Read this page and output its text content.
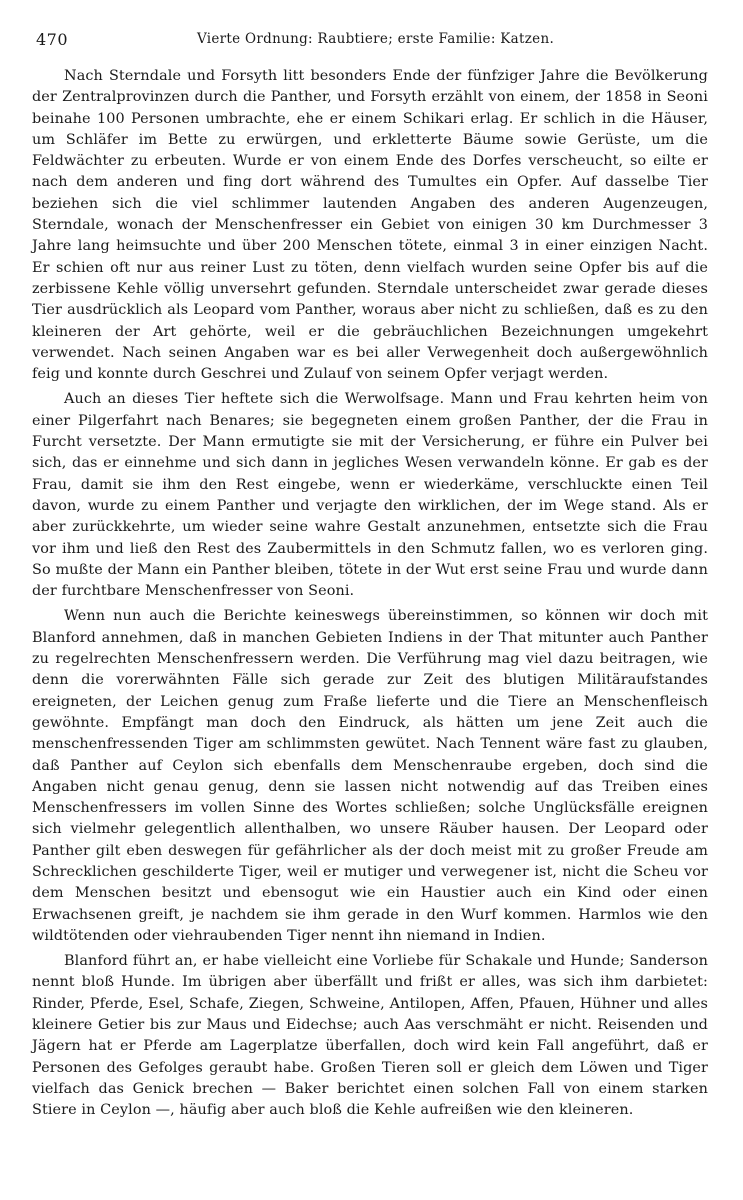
470	Vierte Ordnung: Raubtiere; erste Familie: Katzen.

Nach Sterndale und Forsyth litt besonders Ende der fünfziger Jahre die Bevölkerung der Zentralprovinzen durch die Panther, und Forsyth erzählt von einem, der 1858 in Seoni beinahe 100 Personen umbrachte, ehe er einem Schikari erlag. Er schlich in die Häuser, um Schläfer im Bette zu erwürgen, und erkletterte Bäume sowie Gerüste, um die Feldwächter zu erbeuten. Wurde er von einem Ende des Dorfes verscheucht, so eilte er nach dem anderen und fing dort während des Tumultes ein Opfer. Auf dasselbe Tier beziehen sich die viel schlimmer lautenden Angaben des anderen Augenzeugen, Sterndale, wonach der Menschenfresser ein Gebiet von einigen 30 km Durchmesser 3 Jahre lang heimsuchte und über 200 Menschen tötete, einmal 3 in einer einzigen Nacht. Er schien oft nur aus reiner Lust zu töten, denn vielfach wurden seine Opfer bis auf die zerbissene Kehle völlig unversehrt gefunden. Sterndale unterscheidet zwar gerade dieses Tier ausdrücklich als Leopard vom Panther, woraus aber nicht zu schließen, daß es zu den kleineren der Art gehörte, weil er die gebräuchlichen Bezeichnungen umgekehrt verwendet. Nach seinen Angaben war es bei aller Verwegenheit doch außergewöhnlich feig und konnte durch Geschrei und Zulauf von seinem Opfer verjagt werden.

Auch an dieses Tier heftete sich die Werwolfsage. Mann und Frau kehrten heim von einer Pilgerfahrt nach Benares; sie begegneten einem großen Panther, der die Frau in Furcht versetzte. Der Mann ermutigte sie mit der Versicherung, er führe ein Pulver bei sich, das er einnehme und sich dann in jegliches Wesen verwandeln könne. Er gab es der Frau, damit sie ihm den Rest eingebe, wenn er wiederkäme, verschluckte einen Teil davon, wurde zu einem Panther und verjagte den wirklichen, der im Wege stand. Als er aber zurückkehrte, um wieder seine wahre Gestalt anzunehmen, entsetzte sich die Frau vor ihm und ließ den Rest des Zaubermittels in den Schmutz fallen, wo es verloren ging. So mußte der Mann ein Panther bleiben, tötete in der Wut erst seine Frau und wurde dann der furchtbare Menschenfresser von Seoni.

Wenn nun auch die Berichte keineswegs übereinstimmen, so können wir doch mit Blanford annehmen, daß in manchen Gebieten Indiens in der That mitunter auch Panther zu regelrechten Menschenfressern werden. Die Verführung mag viel dazu beitragen, wie denn die vorerwähnten Fälle sich gerade zur Zeit des blutigen Militäraufstandes ereigneten, der Leichen genug zum Fraße lieferte und die Tiere an Menschenfleisch gewöhnte. Empfängt man doch den Eindruck, als hätten um jene Zeit auch die menschenfressenden Tiger am schlimmsten gewütet. Nach Tennent wäre fast zu glauben, daß Panther auf Ceylon sich ebenfalls dem Menschenraube ergeben, doch sind die Angaben nicht genau genug, denn sie lassen nicht notwendig auf das Treiben eines Menschenfressers im vollen Sinne des Wortes schließen; solche Unglücksfälle ereignen sich vielmehr gelegentlich allenthalben, wo unsere Räuber hausen. Der Leopard oder Panther gilt eben deswegen für gefährlicher als der doch meist mit zu großer Freude am Schrecklichen geschilderte Tiger, weil er mutiger und verwegener ist, nicht die Scheu vor dem Menschen besitzt und ebensogut wie ein Haustier auch ein Kind oder einen Erwachsenen greift, je nachdem sie ihm gerade in den Wurf kommen. Harmlos wie den wildtötenden oder viehraubenden Tiger nennt ihn niemand in Indien.

Blanford führt an, er habe vielleicht eine Vorliebe für Schakale und Hunde; Sanderson nennt bloß Hunde. Im übrigen aber überfällt und frißt er alles, was sich ihm darbietet: Rinder, Pferde, Esel, Schafe, Ziegen, Schweine, Antilopen, Affen, Pfauen, Hühner und alles kleinere Getier bis zur Maus und Eidechse; auch Aas verschmäht er nicht. Reisenden und Jägern hat er Pferde am Lagerplatze überfallen, doch wird kein Fall angeführt, daß er Personen des Gefolges geraubt habe. Großen Tieren soll er gleich dem Löwen und Tiger vielfach das Genick brechen — Baker berichtet einen solchen Fall von einem starken Stiere in Ceylon —, häufig aber auch bloß die Kehle aufreißen wie den kleineren.
